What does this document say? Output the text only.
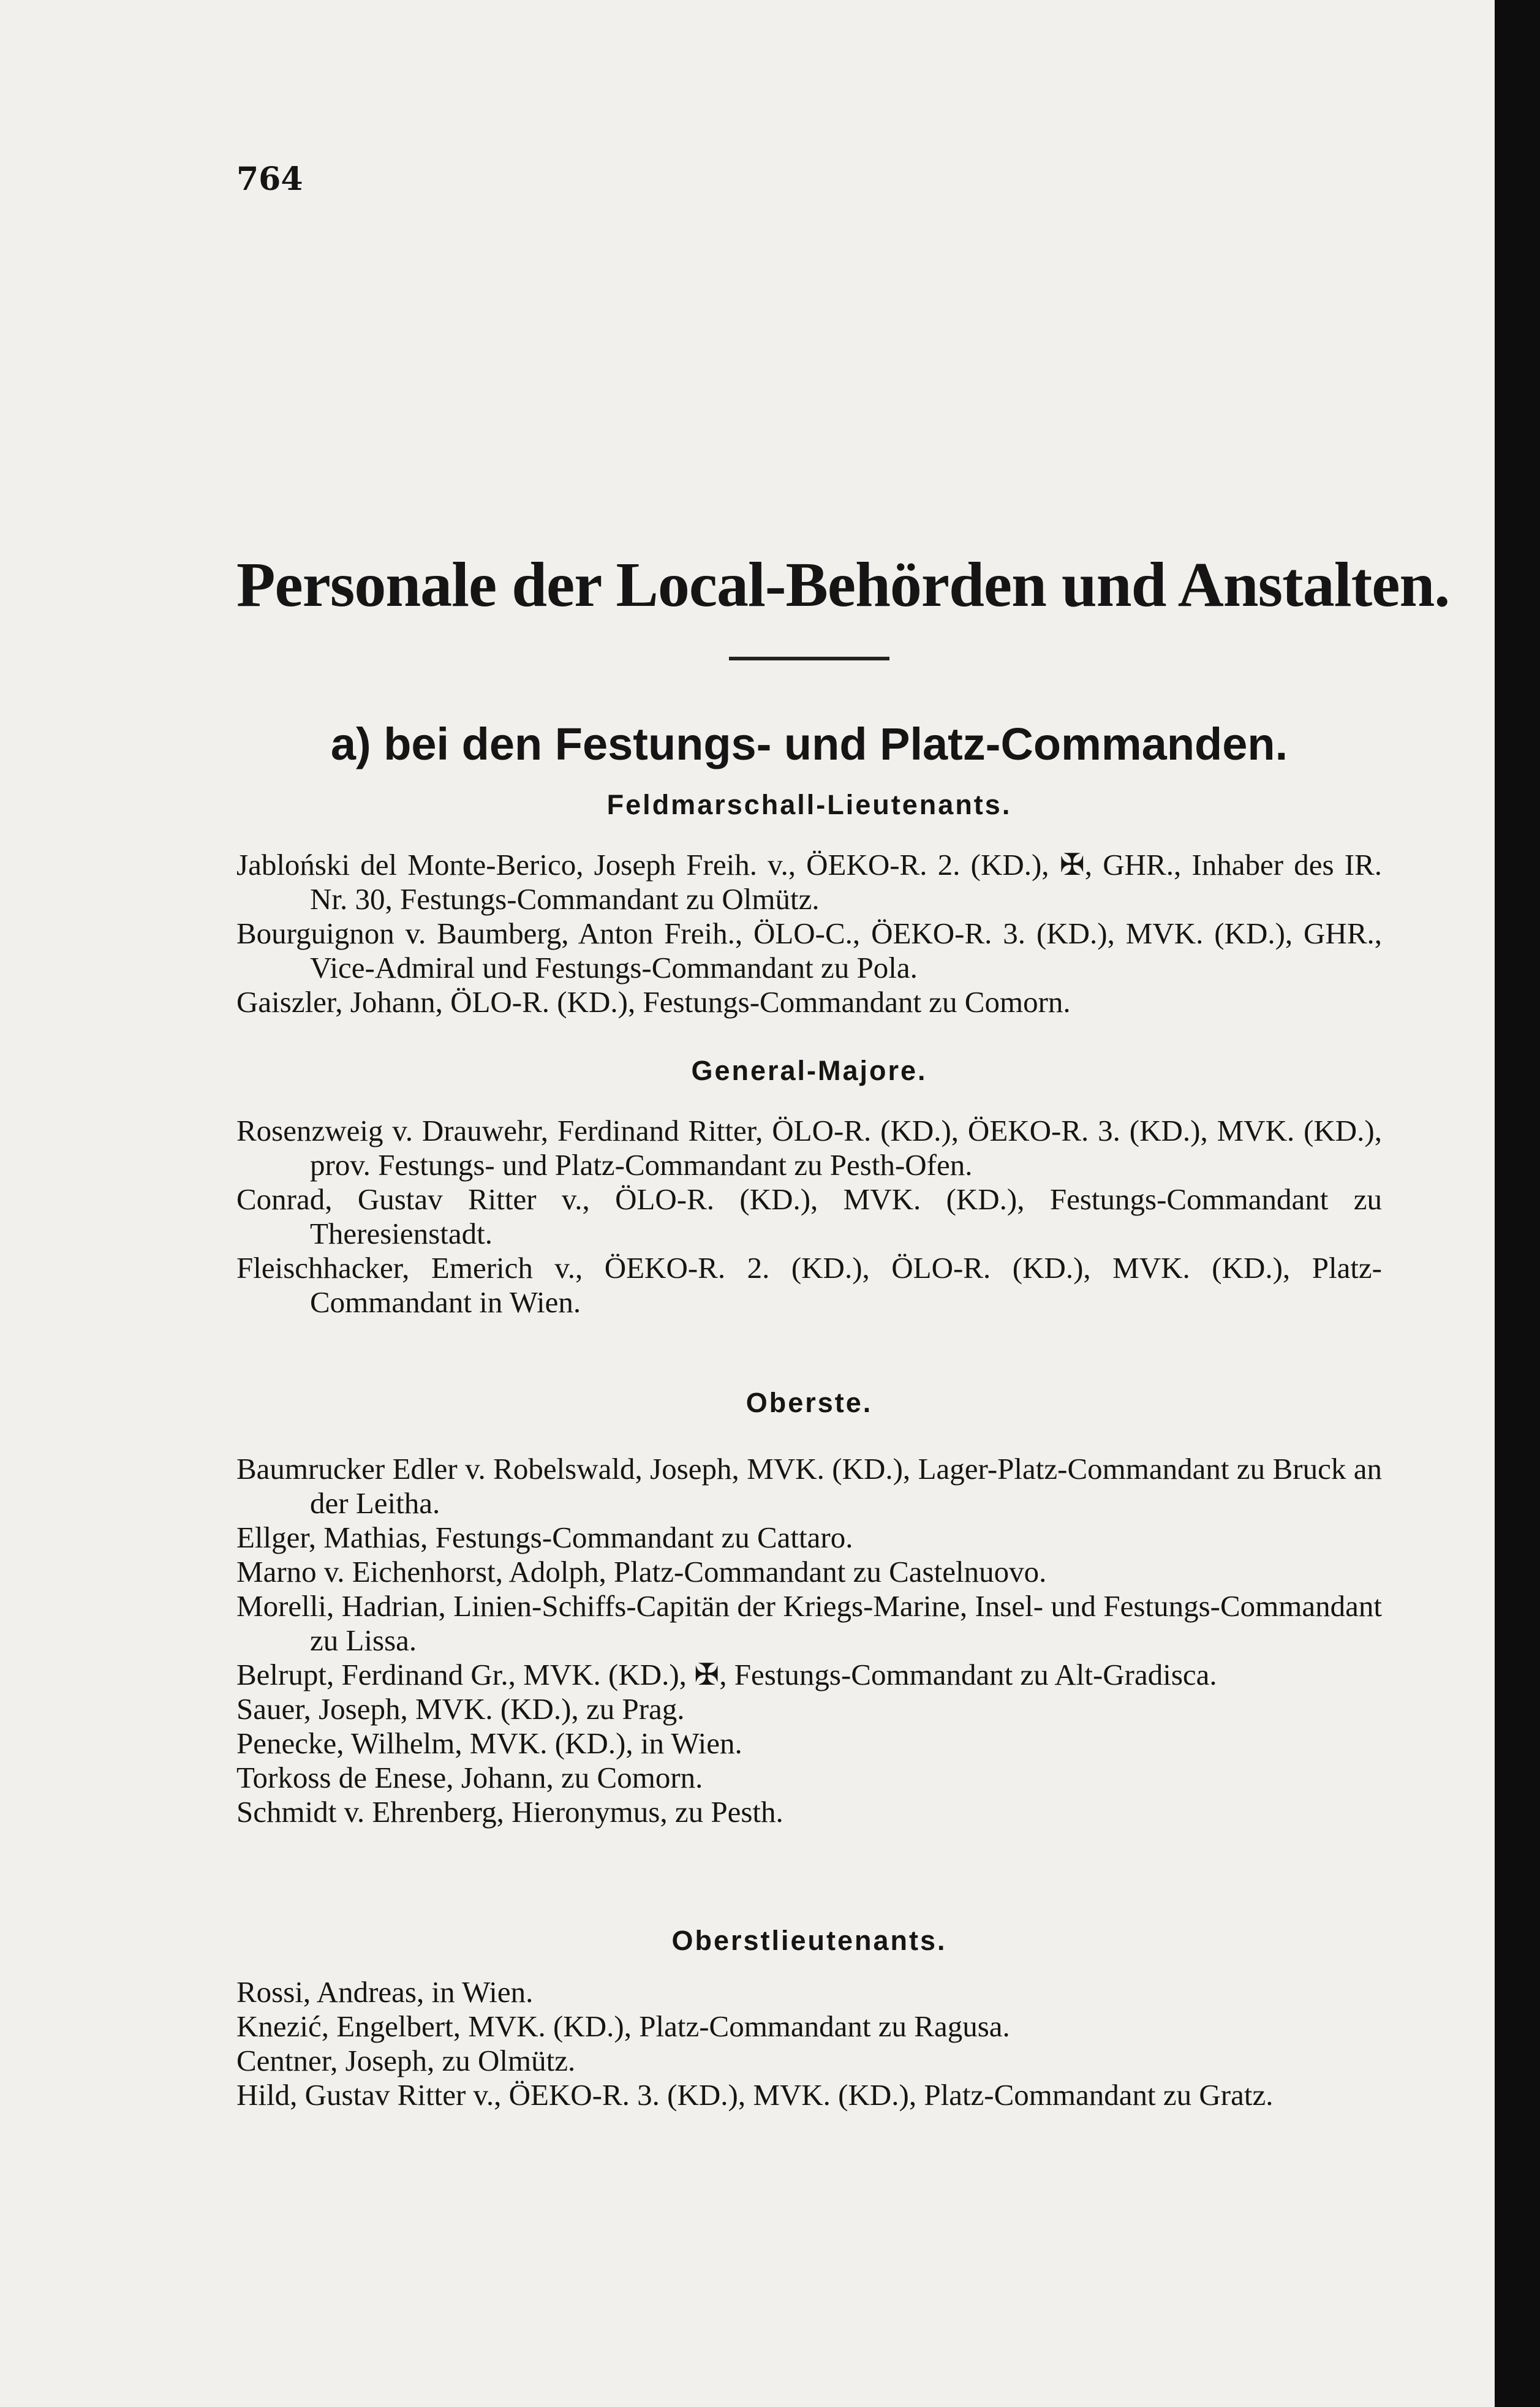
764
Personale der Local-Behörden und Anstalten.
a) bei den Festungs- und Platz-Commanden.
Feldmarschall-Lieutenants.

Jabloński del Monte-Berico, Joseph Freih. v., ÖEKO-R. 2. (KD.), ✠, GHR., Inhaber des IR. Nr. 30, Festungs-Commandant zu Olmütz.

Bourguignon v. Baumberg, Anton Freih., ÖLO-C., ÖEKO-R. 3. (KD.), MVK. (KD.), GHR., Vice-Admiral und Festungs-Commandant zu Pola.

Gaiszler, Johann, ÖLO-R. (KD.), Festungs-Commandant zu Comorn.

General-Majore.

Rosenzweig v. Drauwehr, Ferdinand Ritter, ÖLO-R. (KD.), ÖEKO-R. 3. (KD.), MVK. (KD.), prov. Festungs- und Platz-Commandant zu Pesth-Ofen.

Conrad, Gustav Ritter v., ÖLO-R. (KD.), MVK. (KD.), Festungs-Commandant zu Theresienstadt.

Fleischhacker, Emerich v., ÖEKO-R. 2. (KD.), ÖLO-R. (KD.), MVK. (KD.), Platz-Commandant in Wien.

Oberste.

Baumrucker Edler v. Robelswald, Joseph, MVK. (KD.), Lager-Platz-Commandant zu Bruck an der Leitha.

Ellger, Mathias, Festungs-Commandant zu Cattaro.

Marno v. Eichenhorst, Adolph, Platz-Commandant zu Castelnuovo.

Morelli, Hadrian, Linien-Schiffs-Capitän der Kriegs-Marine, Insel- und Festungs-Commandant zu Lissa.

Belrupt, Ferdinand Gr., MVK. (KD.), ✠, Festungs-Commandant zu Alt-Gradisca.

Sauer, Joseph, MVK. (KD.), zu Prag.

Penecke, Wilhelm, MVK. (KD.), in Wien.

Torkoss de Enese, Johann, zu Comorn.

Schmidt v. Ehrenberg, Hieronymus, zu Pesth.

Oberstlieutenants.

Rossi, Andreas, in Wien.

Knezić, Engelbert, MVK. (KD.), Platz-Commandant zu Ragusa.

Centner, Joseph, zu Olmütz.

Hild, Gustav Ritter v., ÖEKO-R. 3. (KD.), MVK. (KD.), Platz-Commandant zu Gratz.
